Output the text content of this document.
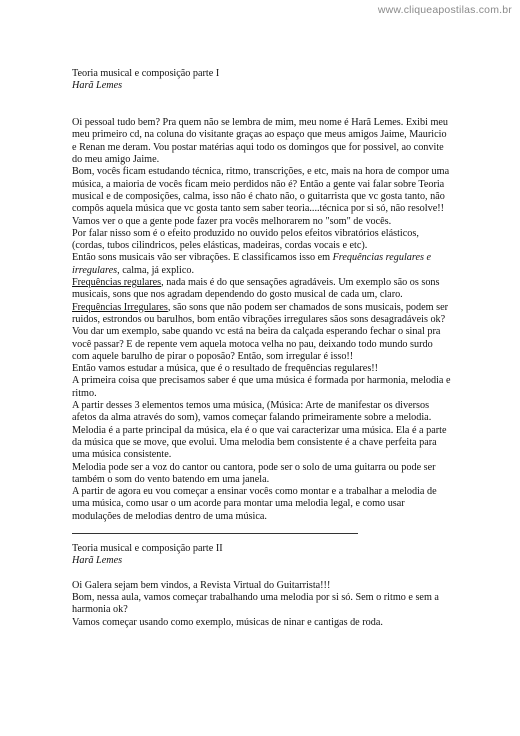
www.cliqueapostilas.com.br

Teoria musical e composição parte I

Harã Lemes

Oi pessoal tudo bem? Pra quem não se lembra de mim, meu nome é Harã Lemes. Exibi meu meu primeiro cd, na coluna do visitante graças ao espaço que meus amigos Jaime, Mauricio e Renan me deram. Vou postar matérias aqui todo os domingos que for possivel, ao convite do meu amigo Jaime.

Bom, vocês ficam estudando técnica, ritmo, transcrições, e etc, mais na hora de compor uma música, a maioria de vocês ficam meio perdidos não é? Então a gente vai falar sobre Teoria musical e de composições, calma, isso não é chato não, o guitarrista que vc gosta tanto, não compôs aquela música que vc gosta tanto sem saber teoria....técnica por si só, não resolve!!

Vamos ver o que a gente pode fazer pra vocês melhorarem no "som" de vocês.

Por falar nisso som é o efeito produzido no ouvido pelos efeitos vibratórios elásticos, (cordas, tubos cilindricos, peles elásticas, madeiras, cordas vocais e etc).

Então sons musicais vão ser vibrações. E classificamos isso em Frequências regulares e irregulares, calma, já explico.

Frequências regulares, nada mais é do que sensações agradáveis. Um exemplo são os sons musicais, sons que nos agradam dependendo do gosto musical de cada um, claro.

Frequências Irregulares, são sons que não podem ser chamados de sons musicais, podem ser ruidos, estrondos ou barulhos, bom então vibrações irregulares sãos sons desagradáveis ok? Vou dar um exemplo, sabe quando vc está na beira da calçada esperando fechar o sinal pra você passar? E de repente vem aquela motoca velha no pau, deixando todo mundo surdo com aquele barulho de pirar o poposão? Então, som irregular é isso!!

Então vamos estudar a música, que é o resultado de frequências regulares!!

A primeira coisa que precisamos saber é que uma música é formada por harmonia, melodia e ritmo.

A partir desses 3 elementos temos uma música, (Música: Arte de manifestar os diversos afetos da alma através do som), vamos começar falando primeiramente sobre a melodia.

Melodia é a parte principal da música, ela é o que vai caracterizar uma música. Ela é a parte da música que se move, que evolui. Uma melodia bem consistente é a chave perfeita para uma música consistente.

Melodia pode ser a voz do cantor ou cantora, pode ser o solo de uma guitarra ou pode ser também o som do vento batendo em uma janela.

A partir de agora eu vou começar a ensinar vocês como montar e a trabalhar a melodia de uma música, como usar o um acorde para montar uma melodia legal, e como usar modulações de melodias dentro de uma música.

Teoria musical e composição parte II

Harã Lemes

Oi Galera sejam bem vindos, a Revista Virtual do Guitarrista!!!

Bom, nessa aula, vamos começar trabalhando uma melodia por si só. Sem o ritmo e sem a harmonia ok?

Vamos começar usando como exemplo, músicas de ninar e cantigas de roda.
